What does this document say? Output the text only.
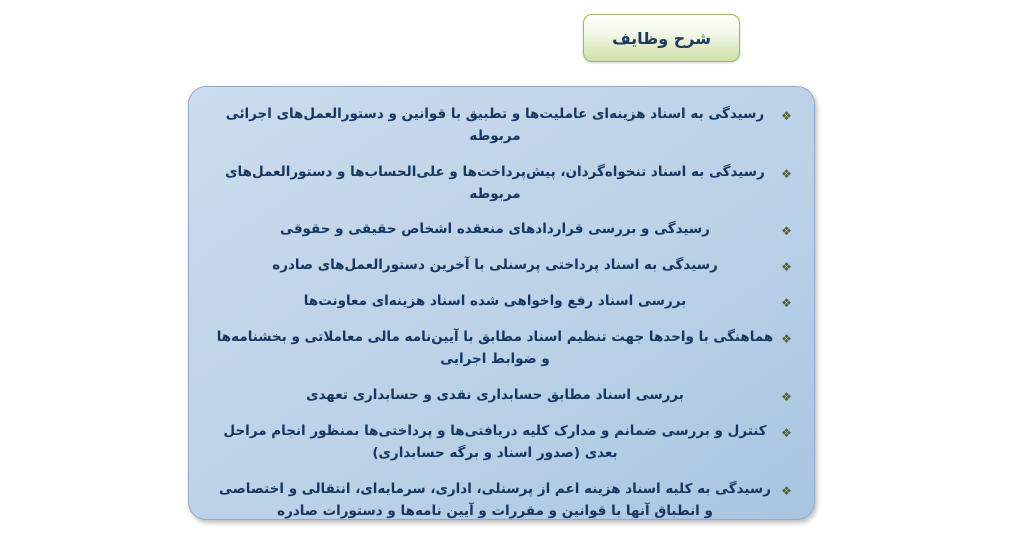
شرح وظایف
❖
رسیدگی به اسناد هزینه‌ای عاملیت‌ها و تطبیق با قوانین و دستورالعمل‌های اجرائی مربوطه
❖
رسیدگی به اسناد تنخواه‌گردان، پیش‌پرداخت‌ها و علی‌الحساب‌ها و دستورالعمل‌های مربوطه
❖
رسیدگی و بررسی قراردادهای منعقده اشخاص حقیقی و حقوقی
❖
رسیدگی به اسناد پرداختی پرسنلی با آخرین دستورالعمل‌های صادره
❖
بررسی اسناد رفع واخواهی شده اسناد هزینه‌ای معاونت‌ها
❖
هماهنگی با واحدها جهت تنظیم اسناد مطابق با آیین‌نامه مالی معاملاتی و بخشنامه‌ها و ضوابط اجرایی
❖
بررسی اسناد مطابق حسابداری نقدی و حسابداری تعهدی
❖
کنترل و بررسی ضمانم و مدارک کلیه دریافتی‌ها و پرداختی‌ها بمنظور انجام مراحل بعدی (صدور اسناد و برگه حسابداری)
❖
رسیدگی به کلیه اسناد هزینه اعم از پرسنلی، اداری، سرمایه‌ای، انتقالی و اختصاصی و انطباق آنها با قوانین و مقررات و آیین نامه‌ها و دستورات صادره
